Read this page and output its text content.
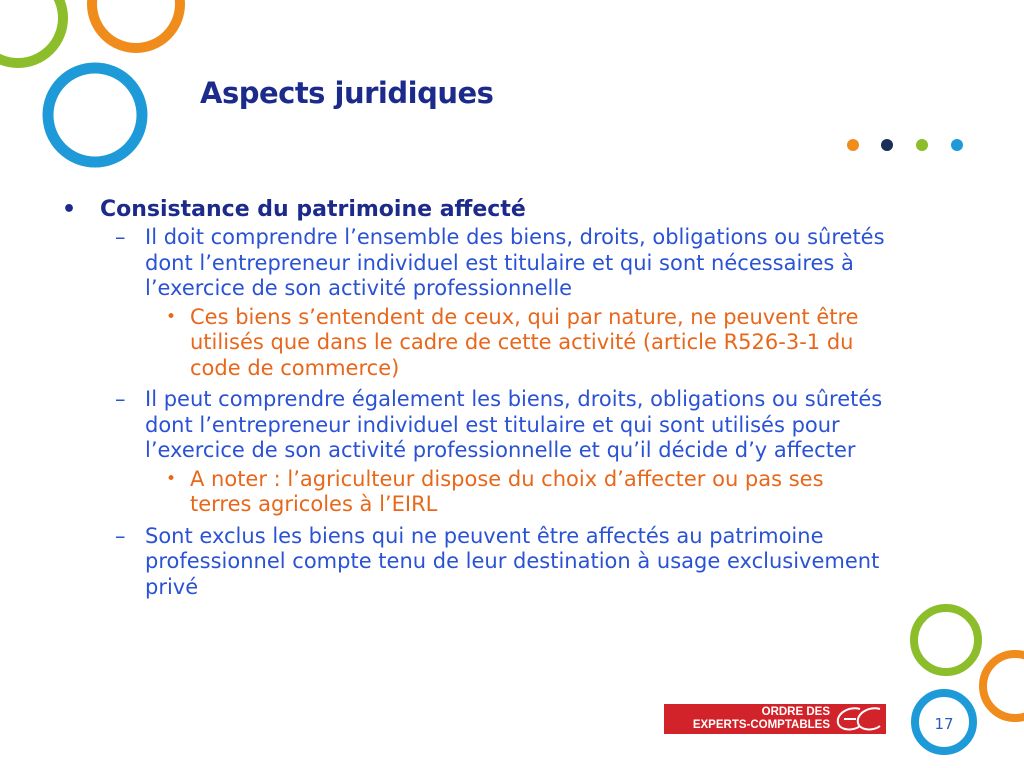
Aspects juridiques
• Consistance du patrimoine affecté
– Il doit comprendre l’ensemble des biens, droits, obligations ou sûretés dont l’entrepreneur individuel est titulaire et qui sont nécessaires à l’exercice de son activité professionnelle
• Ces biens s’entendent de ceux, qui par nature, ne peuvent être utilisés que dans le cadre de cette activité (article R526-3-1 du code de commerce)
– Il peut comprendre également les biens, droits, obligations ou sûretés dont l’entrepreneur individuel est titulaire et qui sont utilisés pour l’exercice de son activité professionnelle et qu’il décide d’y affecter
• A noter : l’agriculteur dispose du choix d’affecter ou pas ses terres agricoles à l’EIRL
– Sont exclus les biens qui ne peuvent être affectés au patrimoine professionnel compte tenu de leur destination à usage exclusivement privé
ORDRE DES
EXPERTS-COMPTABLES	17
